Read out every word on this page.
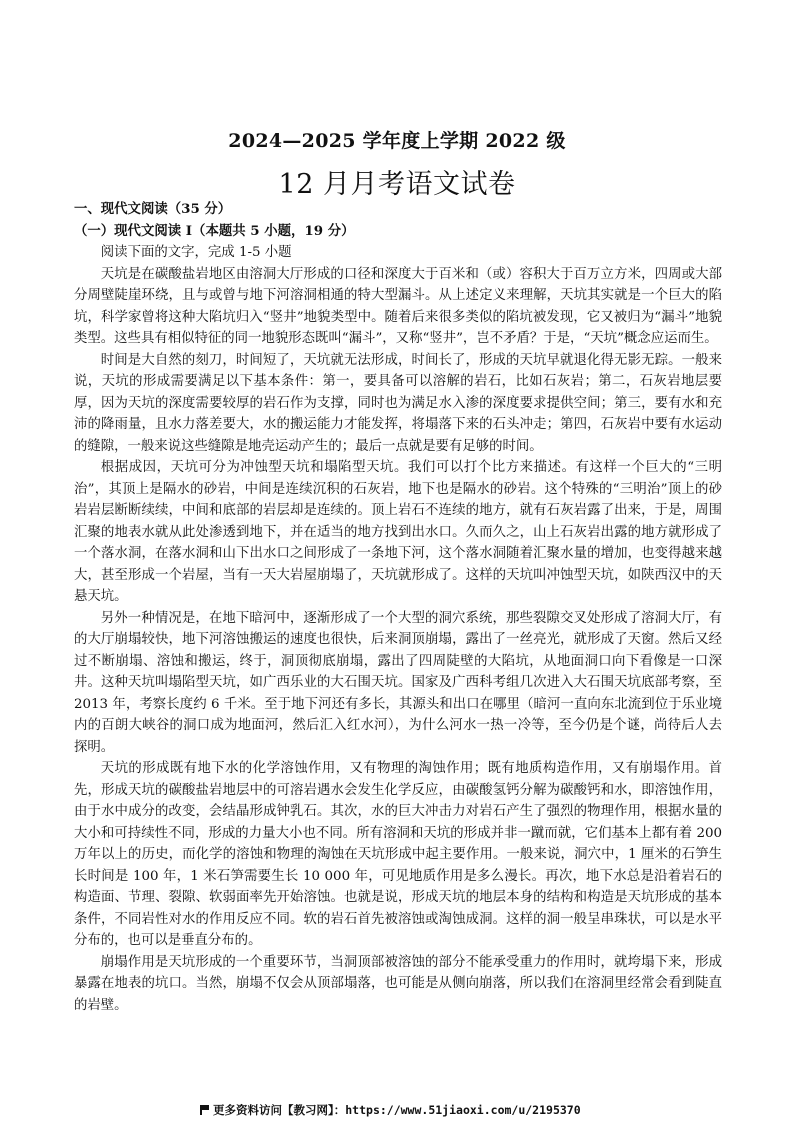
2024—2025 学年度上学期 2022 级
12 月月考语文试卷

一、现代文阅读（35 分）

（一）现代文阅读 I（本题共 5 小题，19 分）

阅读下面的文字，完成 1-5 小题

天坑是在碳酸盐岩地区由溶洞大厅形成的口径和深度大于百米和（或）容积大于百万立方米，四周或大部分周壁陡崖环绕，且与或曾与地下河溶洞相通的特大型漏斗。从上述定义来理解，天坑其实就是一个巨大的陷坑，科学家曾将这种大陷坑归入“竖井”地貌类型中。随着后来很多类似的陷坑被发现，它又被归为“漏斗”地貌类型。这些具有相似特征的同一地貌形态既叫“漏斗”，又称“竖井”，岂不矛盾？于是，“天坑”概念应运而生。

时间是大自然的刻刀，时间短了，天坑就无法形成，时间长了，形成的天坑早就退化得无影无踪。一般来说，天坑的形成需要满足以下基本条件：第一，要具备可以溶解的岩石，比如石灰岩；第二，石灰岩地层要厚，因为天坑的深度需要较厚的岩石作为支撑，同时也为满足水入渗的深度要求提供空间；第三，要有水和充沛的降雨量，且水力落差要大，水的搬运能力才能发挥，将塌落下来的石头冲走；第四，石灰岩中要有水运动的缝隙，一般来说这些缝隙是地壳运动产生的；最后一点就是要有足够的时间。

根据成因，天坑可分为冲蚀型天坑和塌陷型天坑。我们可以打个比方来描述。有这样一个巨大的“三明治”，其顶上是隔水的砂岩，中间是连续沉积的石灰岩，地下也是隔水的砂岩。这个特殊的“三明治”顶上的砂岩岩层断断续续，中间和底部的岩层却是连续的。顶上岩石不连续的地方，就有石灰岩露了出来，于是，周围汇聚的地表水就从此处渗透到地下，并在适当的地方找到出水口。久而久之，山上石灰岩出露的地方就形成了一个落水洞，在落水洞和山下出水口之间形成了一条地下河，这个落水洞随着汇聚水量的增加，也变得越来越大，甚至形成一个岩屋，当有一天大岩屋崩塌了，天坑就形成了。这样的天坑叫冲蚀型天坑，如陕西汉中的天悬天坑。

另外一种情况是，在地下暗河中，逐渐形成了一个大型的洞穴系统，那些裂隙交叉处形成了溶洞大厅，有的大厅崩塌较快，地下河溶蚀搬运的速度也很快，后来洞顶崩塌，露出了一丝亮光，就形成了天窗。然后又经过不断崩塌、溶蚀和搬运，终于，洞顶彻底崩塌，露出了四周陡壁的大陷坑，从地面洞口向下看像是一口深井。这种天坑叫塌陷型天坑，如广西乐业的大石围天坑。国家及广西科考组几次进入大石围天坑底部考察，至 2013 年，考察长度约 6 千米。至于地下河还有多长，其源头和出口在哪里（暗河一直向东北流到位于乐业境内的百朗大峡谷的洞口成为地面河，然后汇入红水河），为什么河水一热一冷等，至今仍是个谜，尚待后人去探明。

天坑的形成既有地下水的化学溶蚀作用，又有物理的淘蚀作用；既有地质构造作用，又有崩塌作用。首先，形成天坑的碳酸盐岩地层中的可溶岩遇水会发生化学反应，由碳酸氢钙分解为碳酸钙和水，即溶蚀作用，由于水中成分的改变，会结晶形成钟乳石。其次，水的巨大冲击力对岩石产生了强烈的物理作用，根据水量的大小和可持续性不同，形成的力量大小也不同。所有溶洞和天坑的形成并非一蹴而就，它们基本上都有着 200 万年以上的历史，而化学的溶蚀和物理的淘蚀在天坑形成中起主要作用。一般来说，洞穴中，1 厘米的石笋生长时间是 100 年，1 米石笋需要生长 10 000 年，可见地质作用是多么漫长。再次，地下水总是沿着岩石的构造面、节理、裂隙、软弱面率先开始溶蚀。也就是说，形成天坑的地层本身的结构和构造是天坑形成的基本条件，不同岩性对水的作用反应不同。软的岩石首先被溶蚀或淘蚀成洞。这样的洞一般呈串珠状，可以是水平分布的，也可以是垂直分布的。

崩塌作用是天坑形成的一个重要环节，当洞顶部被溶蚀的部分不能承受重力的作用时，就垮塌下来，形成暴露在地表的坑口。当然，崩塌不仅会从顶部塌落，也可能是从侧向崩落，所以我们在溶洞里经常会看到陡直的岩壁。

更多资料访问【教习网】：https://www.51jiaoxi.com/u/2195370
